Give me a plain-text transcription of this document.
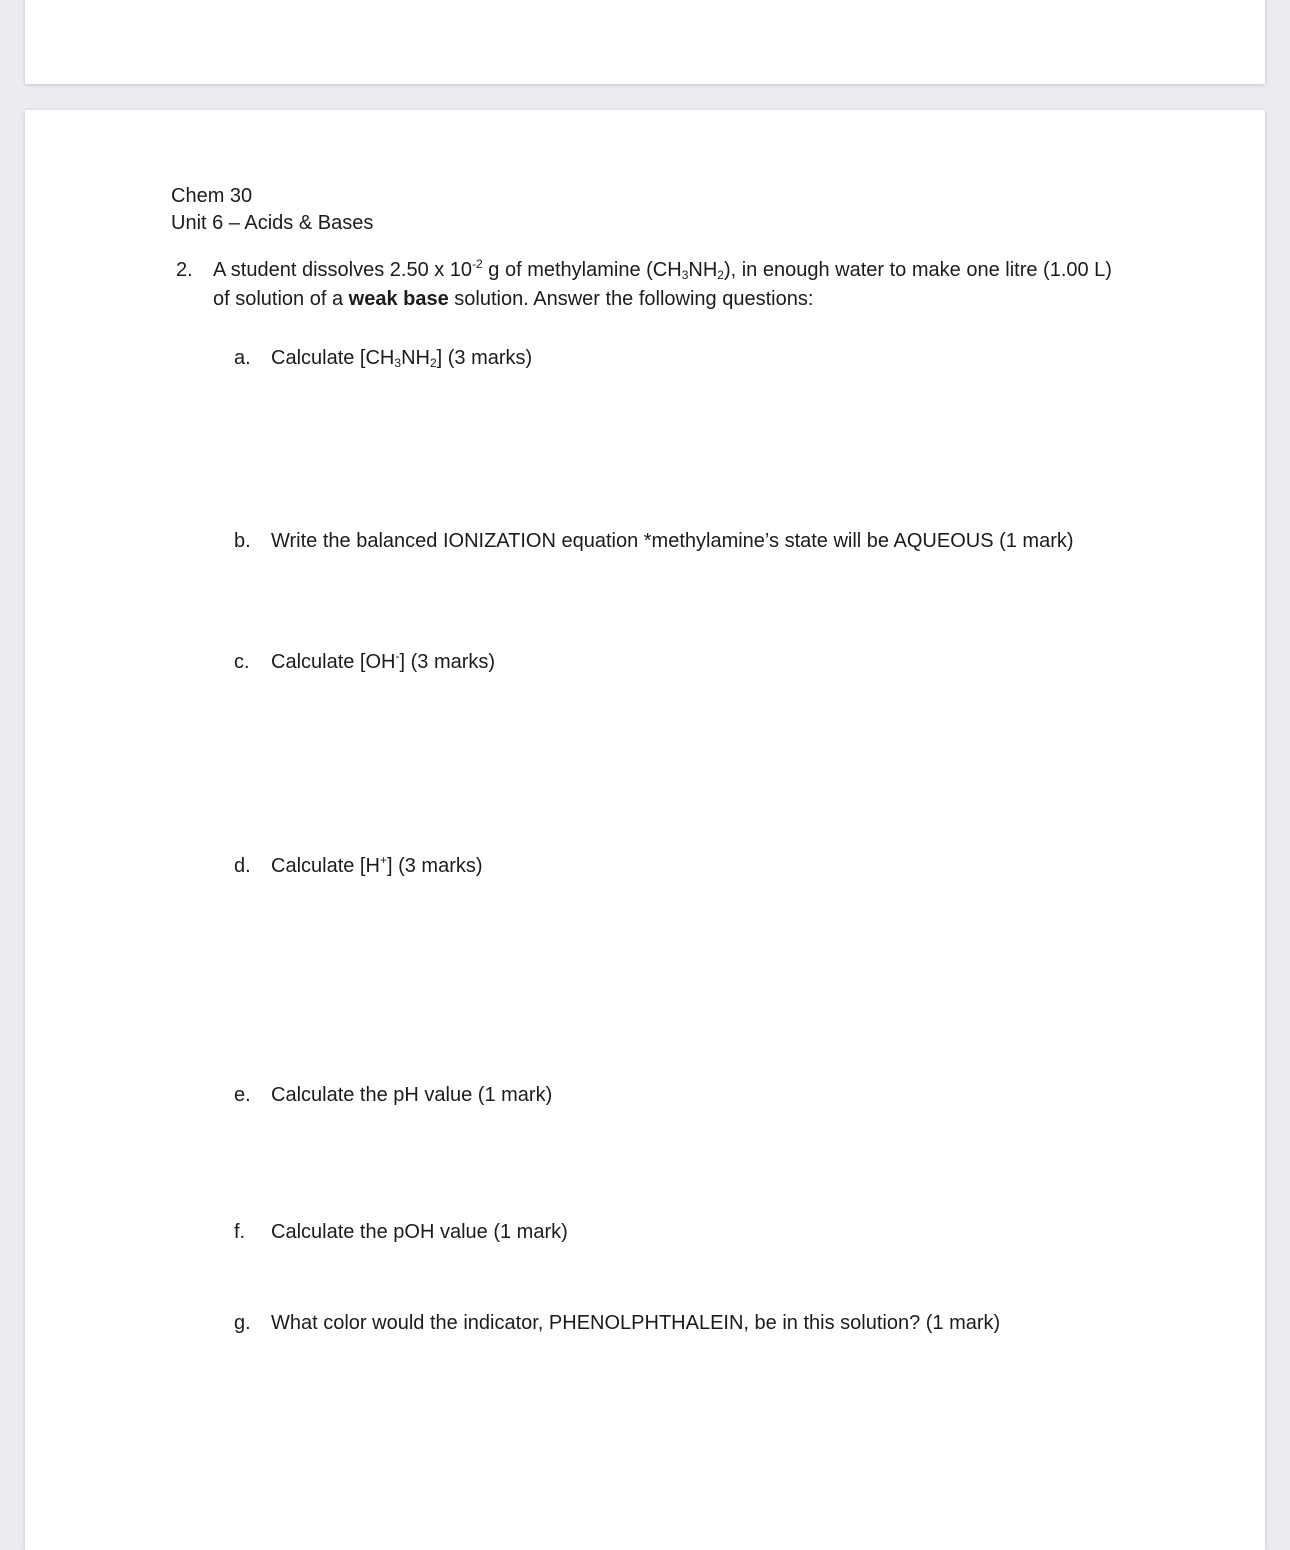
Chem 30
Unit 6 – Acids & Bases
2. A student dissolves 2.50 x $10^{-2}$ g of methylamine $(CH_3NH_2)$, in enough water to make one litre (1.00 L) of solution of a weak base solution. Answer the following questions:
a. Calculate $[CH_3NH_2]$ (3 marks)
b. Write the balanced IONIZATION equation *methylamine’s state will be AQUEOUS (1 mark)
c. Calculate [OH-] (3 marks)
d. Calculate [H+] (3 marks)
e. Calculate the pH value (1 mark)
f. Calculate the pOH value (1 mark)
g. What color would the indicator, PHENOLPHTHALEIN, be in this solution? (1 mark)
